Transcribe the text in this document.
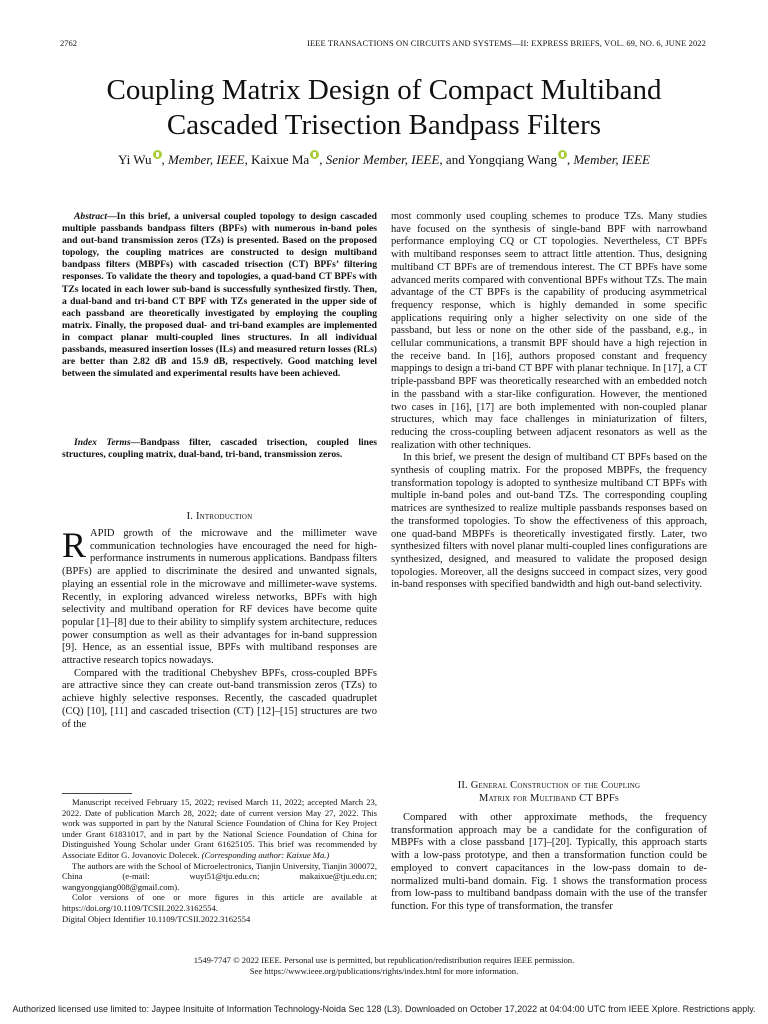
2762	IEEE TRANSACTIONS ON CIRCUITS AND SYSTEMS—II: EXPRESS BRIEFS, VOL. 69, NO. 6, JUNE 2022
Coupling Matrix Design of Compact Multiband
Cascaded Trisection Bandpass Filters
Yi Wu , Member, IEEE, Kaixue Ma , Senior Member, IEEE, and Yongqiang Wang , Member, IEEE
Abstract—In this brief, a universal coupled topology to design cascaded multiple passbands bandpass filters (BPFs) with numerous in-band poles and out-band transmission zeros (TZs) is presented. Based on the proposed topology, the coupling matrices are constructed to design multiband bandpass filters (MBPFs) with cascaded trisection (CT) BPFs’ filtering responses. To validate the theory and topologies, a quad-band CT BPFs with TZs located in each lower sub-band is successfully synthesized firstly. Then, a dual-band and tri-band CT BPF with TZs generated in the upper side of each passband are theoretically investigated by employing the coupling matrix. Finally, the proposed dual- and tri-band examples are implemented in compact planar multi-coupled lines structures. In all individual passbands, measured insertion losses (ILs) and measured return losses (RLs) are better than 2.82 dB and 15.9 dB, respectively. Good matching level between the simulated and experimental results have been achieved.
Index Terms—Bandpass filter, cascaded trisection, coupled lines structures, coupling matrix, dual-band, tri-band, transmission zeros.
I. Introduction

RAPID growth of the microwave and the millimeter wave communication technologies have encouraged the need for high-performance instruments in numerous applications. Bandpass filters (BPFs) are applied to discriminate the desired and unwanted signals, playing an essential role in the microwave and millimeter-wave systems. Recently, in exploring advanced wireless networks, BPFs with high selectivity and multiband operation for RF devices have become quite popular [1]–[8] due to their ability to simplify system architecture, reduces power consumption as well as their advantages for in-band suppression [9]. Hence, as an essential issue, BPFs with multiband responses are attractive research topics nowadays.

Compared with the traditional Chebyshev BPFs, cross-coupled BPFs are attractive since they can create out-band transmission zeros (TZs) to achieve highly selective responses. Recently, the cascaded quadruplet (CQ) [10], [11] and cascaded trisection (CT) [12]–[15] structures are two of the

most commonly used coupling schemes to produce TZs. Many studies have focused on the synthesis of single-band BPF with narrowband performance employing CQ or CT topologies. Nevertheless, CT BPFs with multiband responses seem to attract little attention. Thus, designing multiband CT BPFs are of tremendous interest. The CT BPFs have some advanced merits compared with conventional BPFs without TZs. The main advantage of the CT BPFs is the capability of producing asymmetrical frequency response, which is highly demanded in some specific applications requiring only a higher selectivity on one side of the passband, but less or none on the other side of the passband, e.g., in cellular communications, a transmit BPF should have a high rejection in the receive band. In [16], authors proposed constant and frequency mappings to design a tri-band CT BPF with planar technique. In [17], a CT triple-passband BPF was theoretically researched with an embedded notch in the passband with a star-like configuration. However, the mentioned two cases in [16], [17] are both implemented with non-coupled planar structures, which may face challenges in miniaturization of filters, reducing the cross-coupling between adjacent resonators as well as the realization with other techniques.

In this brief, we present the design of multiband CT BPFs based on the synthesis of coupling matrix. For the proposed MBPFs, the frequency transformation topology is adopted to synthesize multiband CT BPFs with multiple in-band poles and out-band TZs. The corresponding coupling matrices are synthesized to realize multiple passbands responses based on the transformed topologies. To show the effectiveness of this approach, one quad-band MBPFs is theoretically investigated firstly. Later, two synthesized filters with novel planar multi-coupled lines configurations are synthesized, designed, and measured to validate the proposed design topologies. Moreover, all the designs succeed in compact sizes, very good in-band responses with specified bandwidth and high out-band selectivity.

II. General Construction of the Coupling
Matrix for Multiband CT BPFs

Compared with other approximate methods, the frequency transformation approach may be a candidate for the configuration of MBPFs with a close passband [17]–[20]. Typically, this approach starts with a low-pass prototype, and then a transformation function could be employed to convert capacitances in the low-pass domain to de-normalized multi-band domain. Fig. 1 shows the transformation process from low-pass to multiband bandpass domain with the use of the transfer function. For this type of transformation, the transfer

Manuscript received February 15, 2022; revised March 11, 2022; accepted March 23, 2022. Date of publication March 28, 2022; date of current version May 27, 2022. This work was supported in part by the Natural Science Foundation of China for Key Project under Grant 61831017, and in part by the National Science Foundation of China for Distinguished Young Scholar under Grant 61625105. This brief was recommended by Associate Editor G. Jovanovic Dolecek. (Corresponding author: Kaixue Ma.)

The authors are with the School of Microelectronics, Tianjin University, Tianjin 300072, China (e-mail: wuyi51@tju.edu.cn; makaixue@tju.edu.cn; wangyongqiang008@gmail.com).

Color versions of one or more figures in this article are available at https://doi.org/10.1109/TCSII.2022.3162554.

Digital Object Identifier 10.1109/TCSII.2022.3162554

1549-7747 © 2022 IEEE. Personal use is permitted, but republication/redistribution requires IEEE permission.
See https://www.ieee.org/publications/rights/index.html for more information.
Authorized licensed use limited to: Jaypee Insituite of Information Technology-Noida Sec 128 (L3). Downloaded on October 17,2022 at 04:04:00 UTC from IEEE Xplore. Restrictions apply.
